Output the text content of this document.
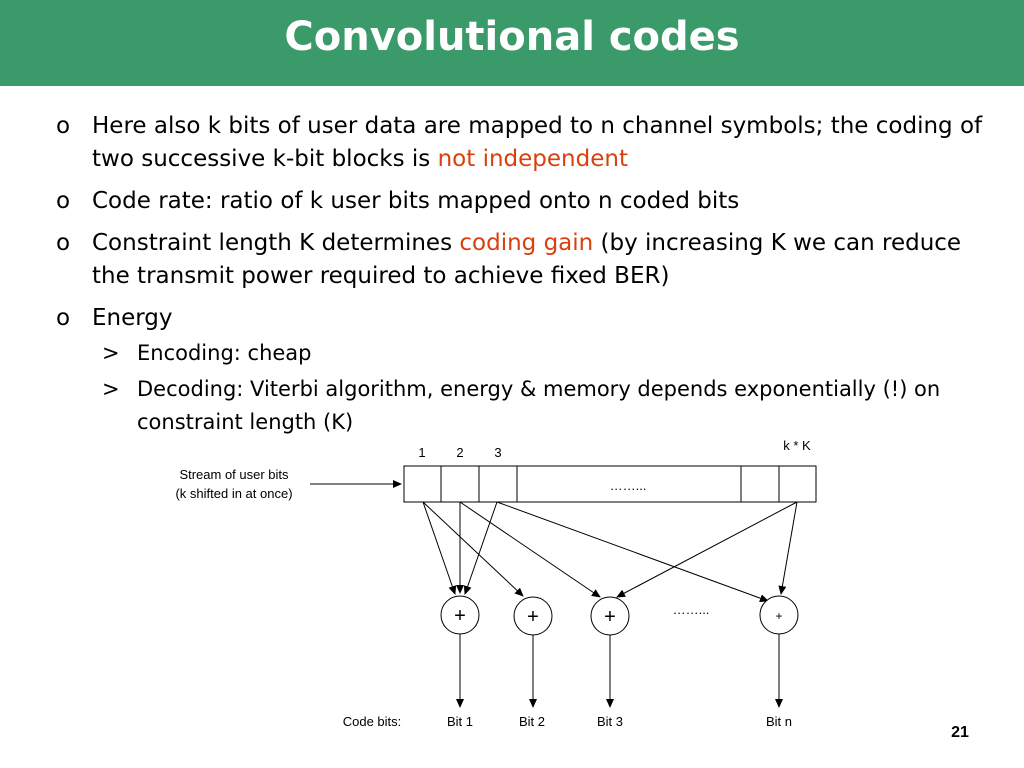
Convolutional codes
o Here also k bits of user data are mapped to n channel symbols; the coding of two successive k-bit blocks is not independent
o Code rate: ratio of k user bits mapped onto n coded bits
o Constraint length K determines coding gain (by increasing K we can reduce the transmit power required to achieve fixed BER)
o Energy
> Encoding: cheap
> Decoding: Viterbi algorithm, energy & memory depends exponentially (!) on constraint length (K)
Stream of user bits
(k shifted in at once)
……...
1 2 3	k * K
+	+	+	……...	+
Code bits:	Bit 1	Bit 2	Bit 3	Bit n
21
